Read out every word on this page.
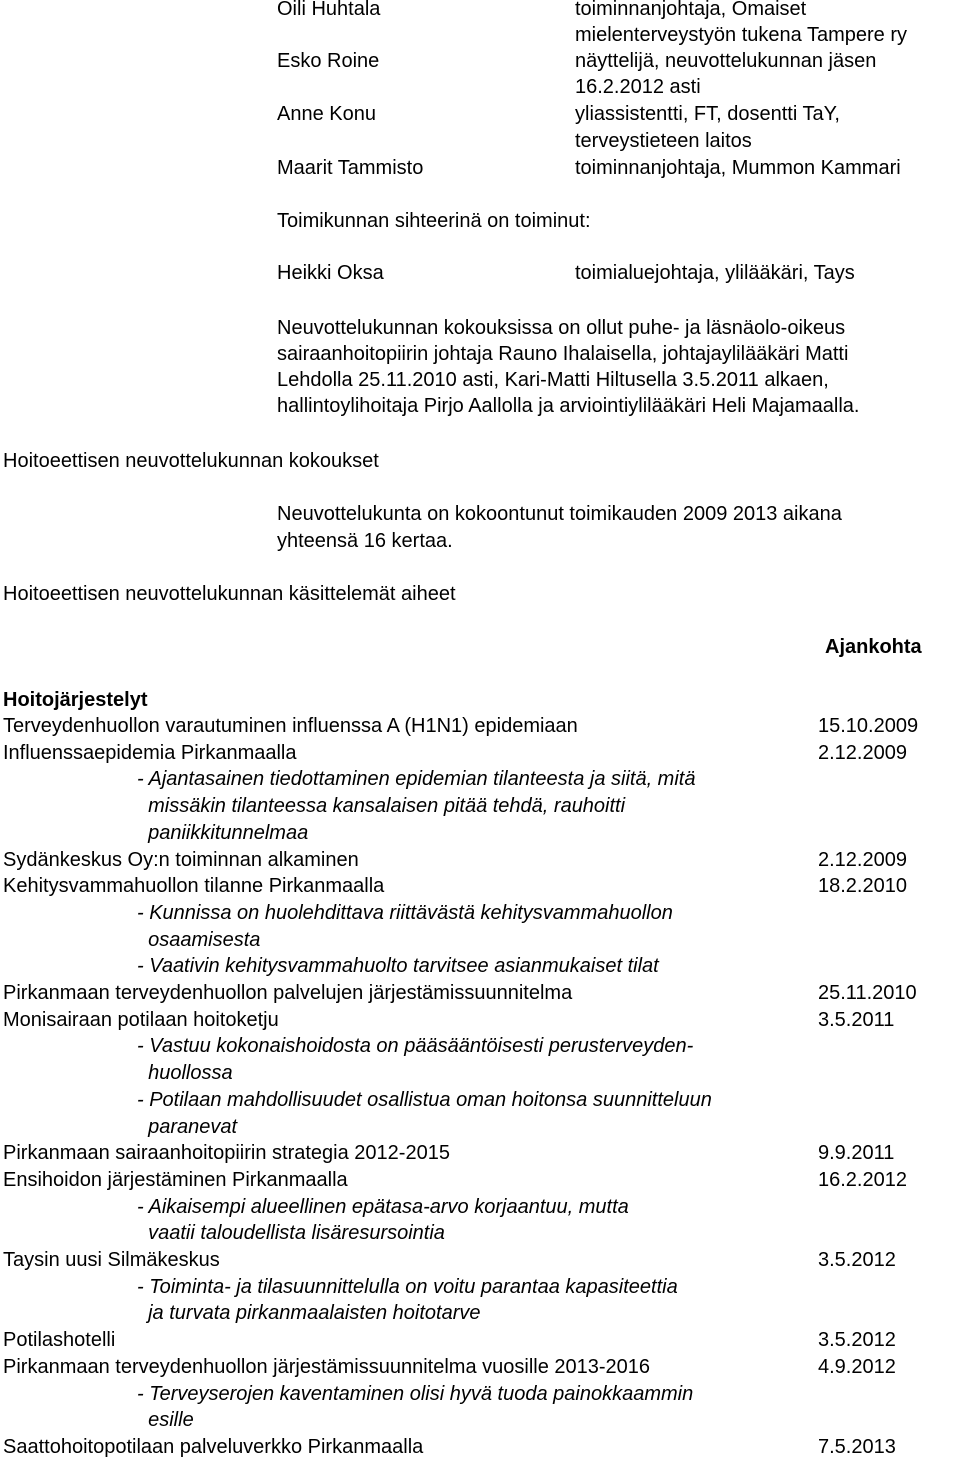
Oili Huhtala	toiminnanjohtaja, Omaiset

mielenterveystyön tukena Tampere ry

Esko Roine	näyttelijä, neuvottelukunnan jäsen

16.2.2012 asti

Anne Konu	yliassistentti, FT, dosentti TaY,

terveystieteen laitos

Maarit Tammisto	toiminnanjohtaja, Mummon Kammari

Toimikunnan sihteerinä on toiminut:

Heikki Oksa	toimialuejohtaja, ylilääkäri, Tays

Neuvottelukunnan kokouksissa on ollut puhe- ja läsnäolo-oikeus

sairaanhoitopiirin johtaja Rauno Ihalaisella, johtajaylilääkäri Matti

Lehdolla 25.11.2010 asti, Kari-Matti Hiltusella 3.5.2011 alkaen,

hallintoylihoitaja Pirjo Aallolla ja arviointiylilääkäri Heli Majamaalla.

Hoitoeettisen neuvottelukunnan kokoukset

Neuvottelukunta on kokoontunut toimikauden 2009 2013 aikana

yhteensä 16 kertaa.

Hoitoeettisen neuvottelukunnan käsittelemät aiheet

Ajankohta

Hoitojärjestelyt

Terveydenhuollon varautuminen influenssa A (H1N1) epidemiaan	15.10.2009
Influenssaepidemia Pirkanmaalla	2.12.2009

- Ajantasainen tiedottaminen epidemian tilanteesta ja siitä, mitä

missäkin tilanteessa kansalaisen pitää tehdä, rauhoitti

paniikkitunnelmaa

Sydänkeskus Oy:n toiminnan alkaminen	2.12.2009
Kehitysvammahuollon tilanne Pirkanmaalla	18.2.2010

- Kunnissa on huolehdittava riittävästä kehitysvammahuollon

osaamisesta

- Vaativin kehitysvammahuolto tarvitsee asianmukaiset tilat

Pirkanmaan terveydenhuollon palvelujen järjestämissuunnitelma	25.11.2010
Monisairaan potilaan hoitoketju	3.5.2011

- Vastuu kokonaishoidosta on pääsääntöisesti perusterveyden-

huollossa

- Potilaan mahdollisuudet osallistua oman hoitonsa suunnitteluun

paranevat

Pirkanmaan sairaanhoitopiirin strategia 2012-2015	9.9.2011
Ensihoidon järjestäminen Pirkanmaalla	16.2.2012

- Aikaisempi alueellinen epätasa-arvo korjaantuu, mutta

vaatii taloudellista lisäresursointia

Taysin uusi Silmäkeskus	3.5.2012

- Toiminta- ja tilasuunnittelulla on voitu parantaa kapasiteettia

ja turvata pirkanmaalaisten hoitotarve

Potilashotelli	3.5.2012
Pirkanmaan terveydenhuollon järjestämissuunnitelma vuosille 2013-2016	4.9.2012

- Terveyserojen kaventaminen olisi hyvä tuoda painokkaammin

esille

Saattohoitopotilaan palveluverkko Pirkanmaalla	7.5.2013
